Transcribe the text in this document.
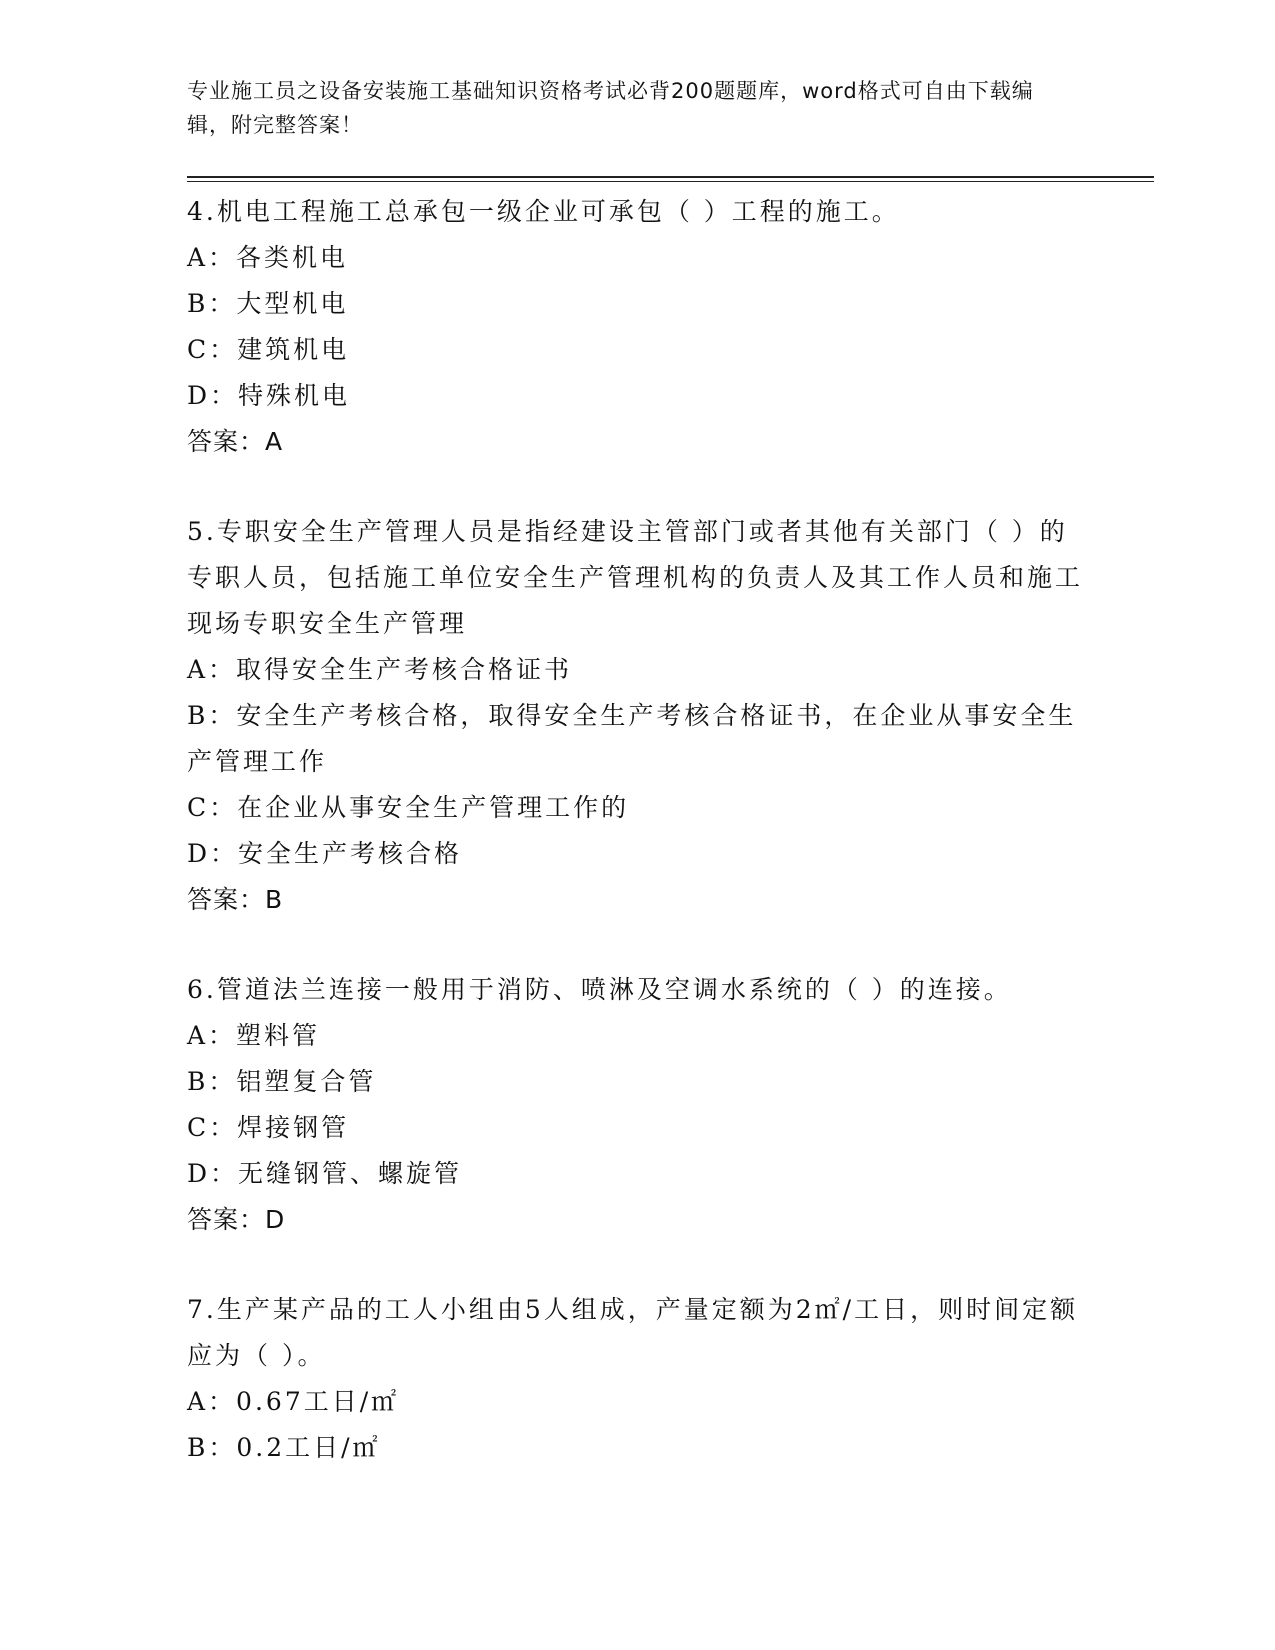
专业施工员之设备安装施工基础知识资格考试必背200题题库，word格式可自由下载编辑，附完整答案！

4.机电工程施工总承包一级企业可承包（ ）工程的施工。

A：各类机电

B：大型机电

C：建筑机电

D：特殊机电

答案：A

5.专职安全生产管理人员是指经建设主管部门或者其他有关部门（ ）的专职人员，包括施工单位安全生产管理机构的负责人及其工作人员和施工现场专职安全生产管理

A：取得安全生产考核合格证书

B：安全生产考核合格，取得安全生产考核合格证书，在企业从事安全生产管理工作

C：在企业从事安全生产管理工作的

D：安全生产考核合格

答案：B

6.管道法兰连接一般用于消防、喷淋及空调水系统的（ ）的连接。

A：塑料管

B：铝塑复合管

C：焊接钢管

D：无缝钢管、螺旋管

答案：D

7.生产某产品的工人小组由5人组成，产量定额为2㎡/工日，则时间定额应为（ ）。

A：0.67工日/㎡

B：0.2工日/㎡
